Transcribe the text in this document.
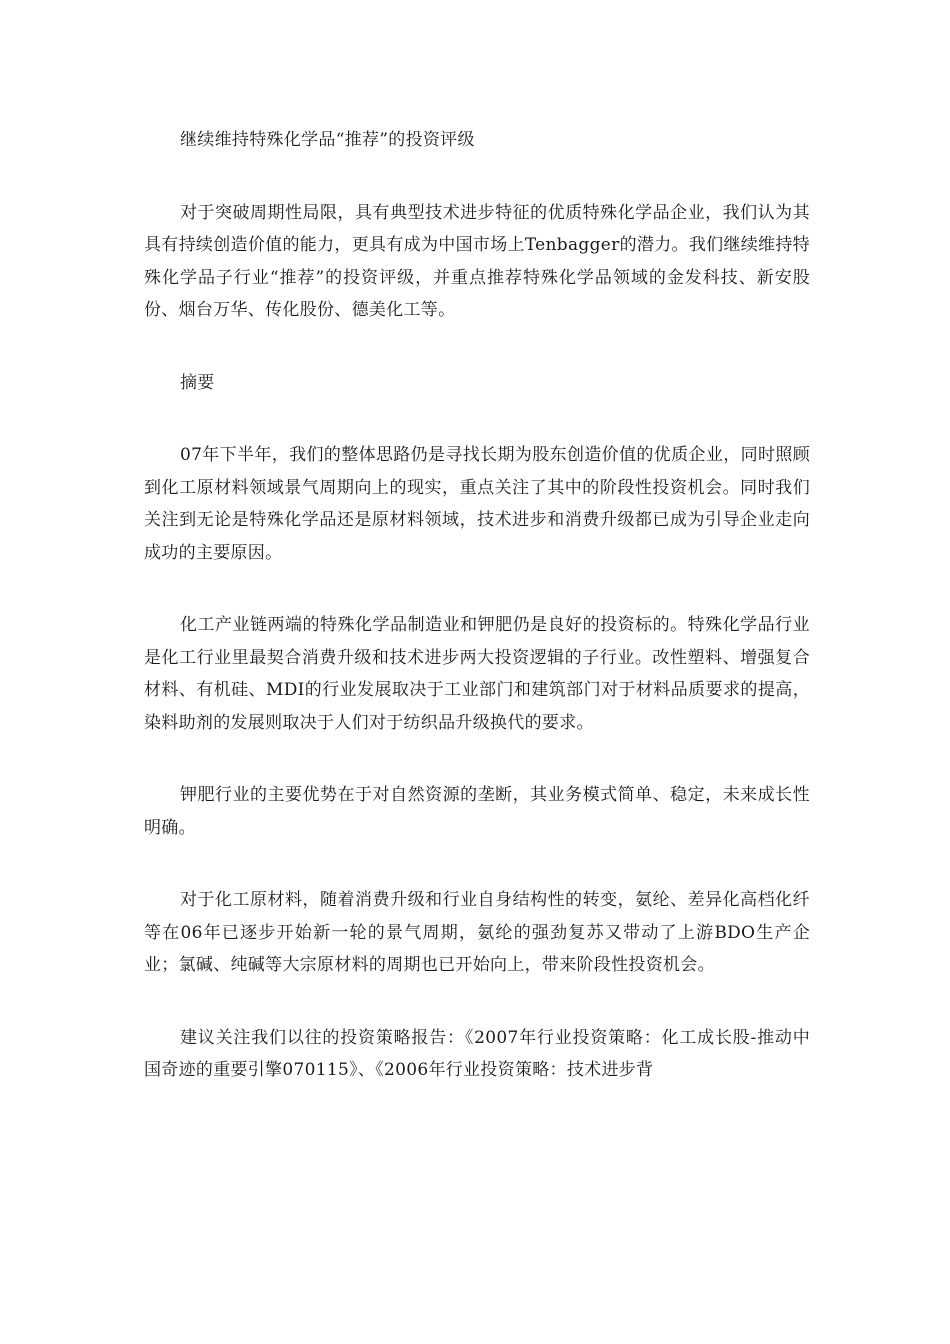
继续维持特殊化学品“推荐”的投资评级

对于突破周期性局限，具有典型技术进步特征的优质特殊化学品企业，我们认为其具有持续创造价值的能力，更具有成为中国市场上Tenbagger的潜力。我们继续维持特殊化学品子行业“推荐”的投资评级，并重点推荐特殊化学品领域的金发科技、新安股份、烟台万华、传化股份、德美化工等。

摘要

07年下半年，我们的整体思路仍是寻找长期为股东创造价值的优质企业，同时照顾到化工原材料领域景气周期向上的现实，重点关注了其中的阶段性投资机会。同时我们关注到无论是特殊化学品还是原材料领域，技术进步和消费升级都已成为引导企业走向成功的主要原因。

化工产业链两端的特殊化学品制造业和钾肥仍是良好的投资标的。特殊化学品行业是化工行业里最契合消费升级和技术进步两大投资逻辑的子行业。改性塑料、增强复合材料、有机硅、MDI的行业发展取决于工业部门和建筑部门对于材料品质要求的提高，染料助剂的发展则取决于人们对于纺织品升级换代的要求。

钾肥行业的主要优势在于对自然资源的垄断，其业务模式简单、稳定，未来成长性明确。

对于化工原材料，随着消费升级和行业自身结构性的转变，氨纶、差异化高档化纤等在06年已逐步开始新一轮的景气周期，氨纶的强劲复苏又带动了上游BDO生产企业；氯碱、纯碱等大宗原材料的周期也已开始向上，带来阶段性投资机会。

建议关注我们以往的投资策略报告：《2007年行业投资策略：化工成长股-推动中国奇迹的重要引擎070115》、《2006年行业投资策略：技术进步背
